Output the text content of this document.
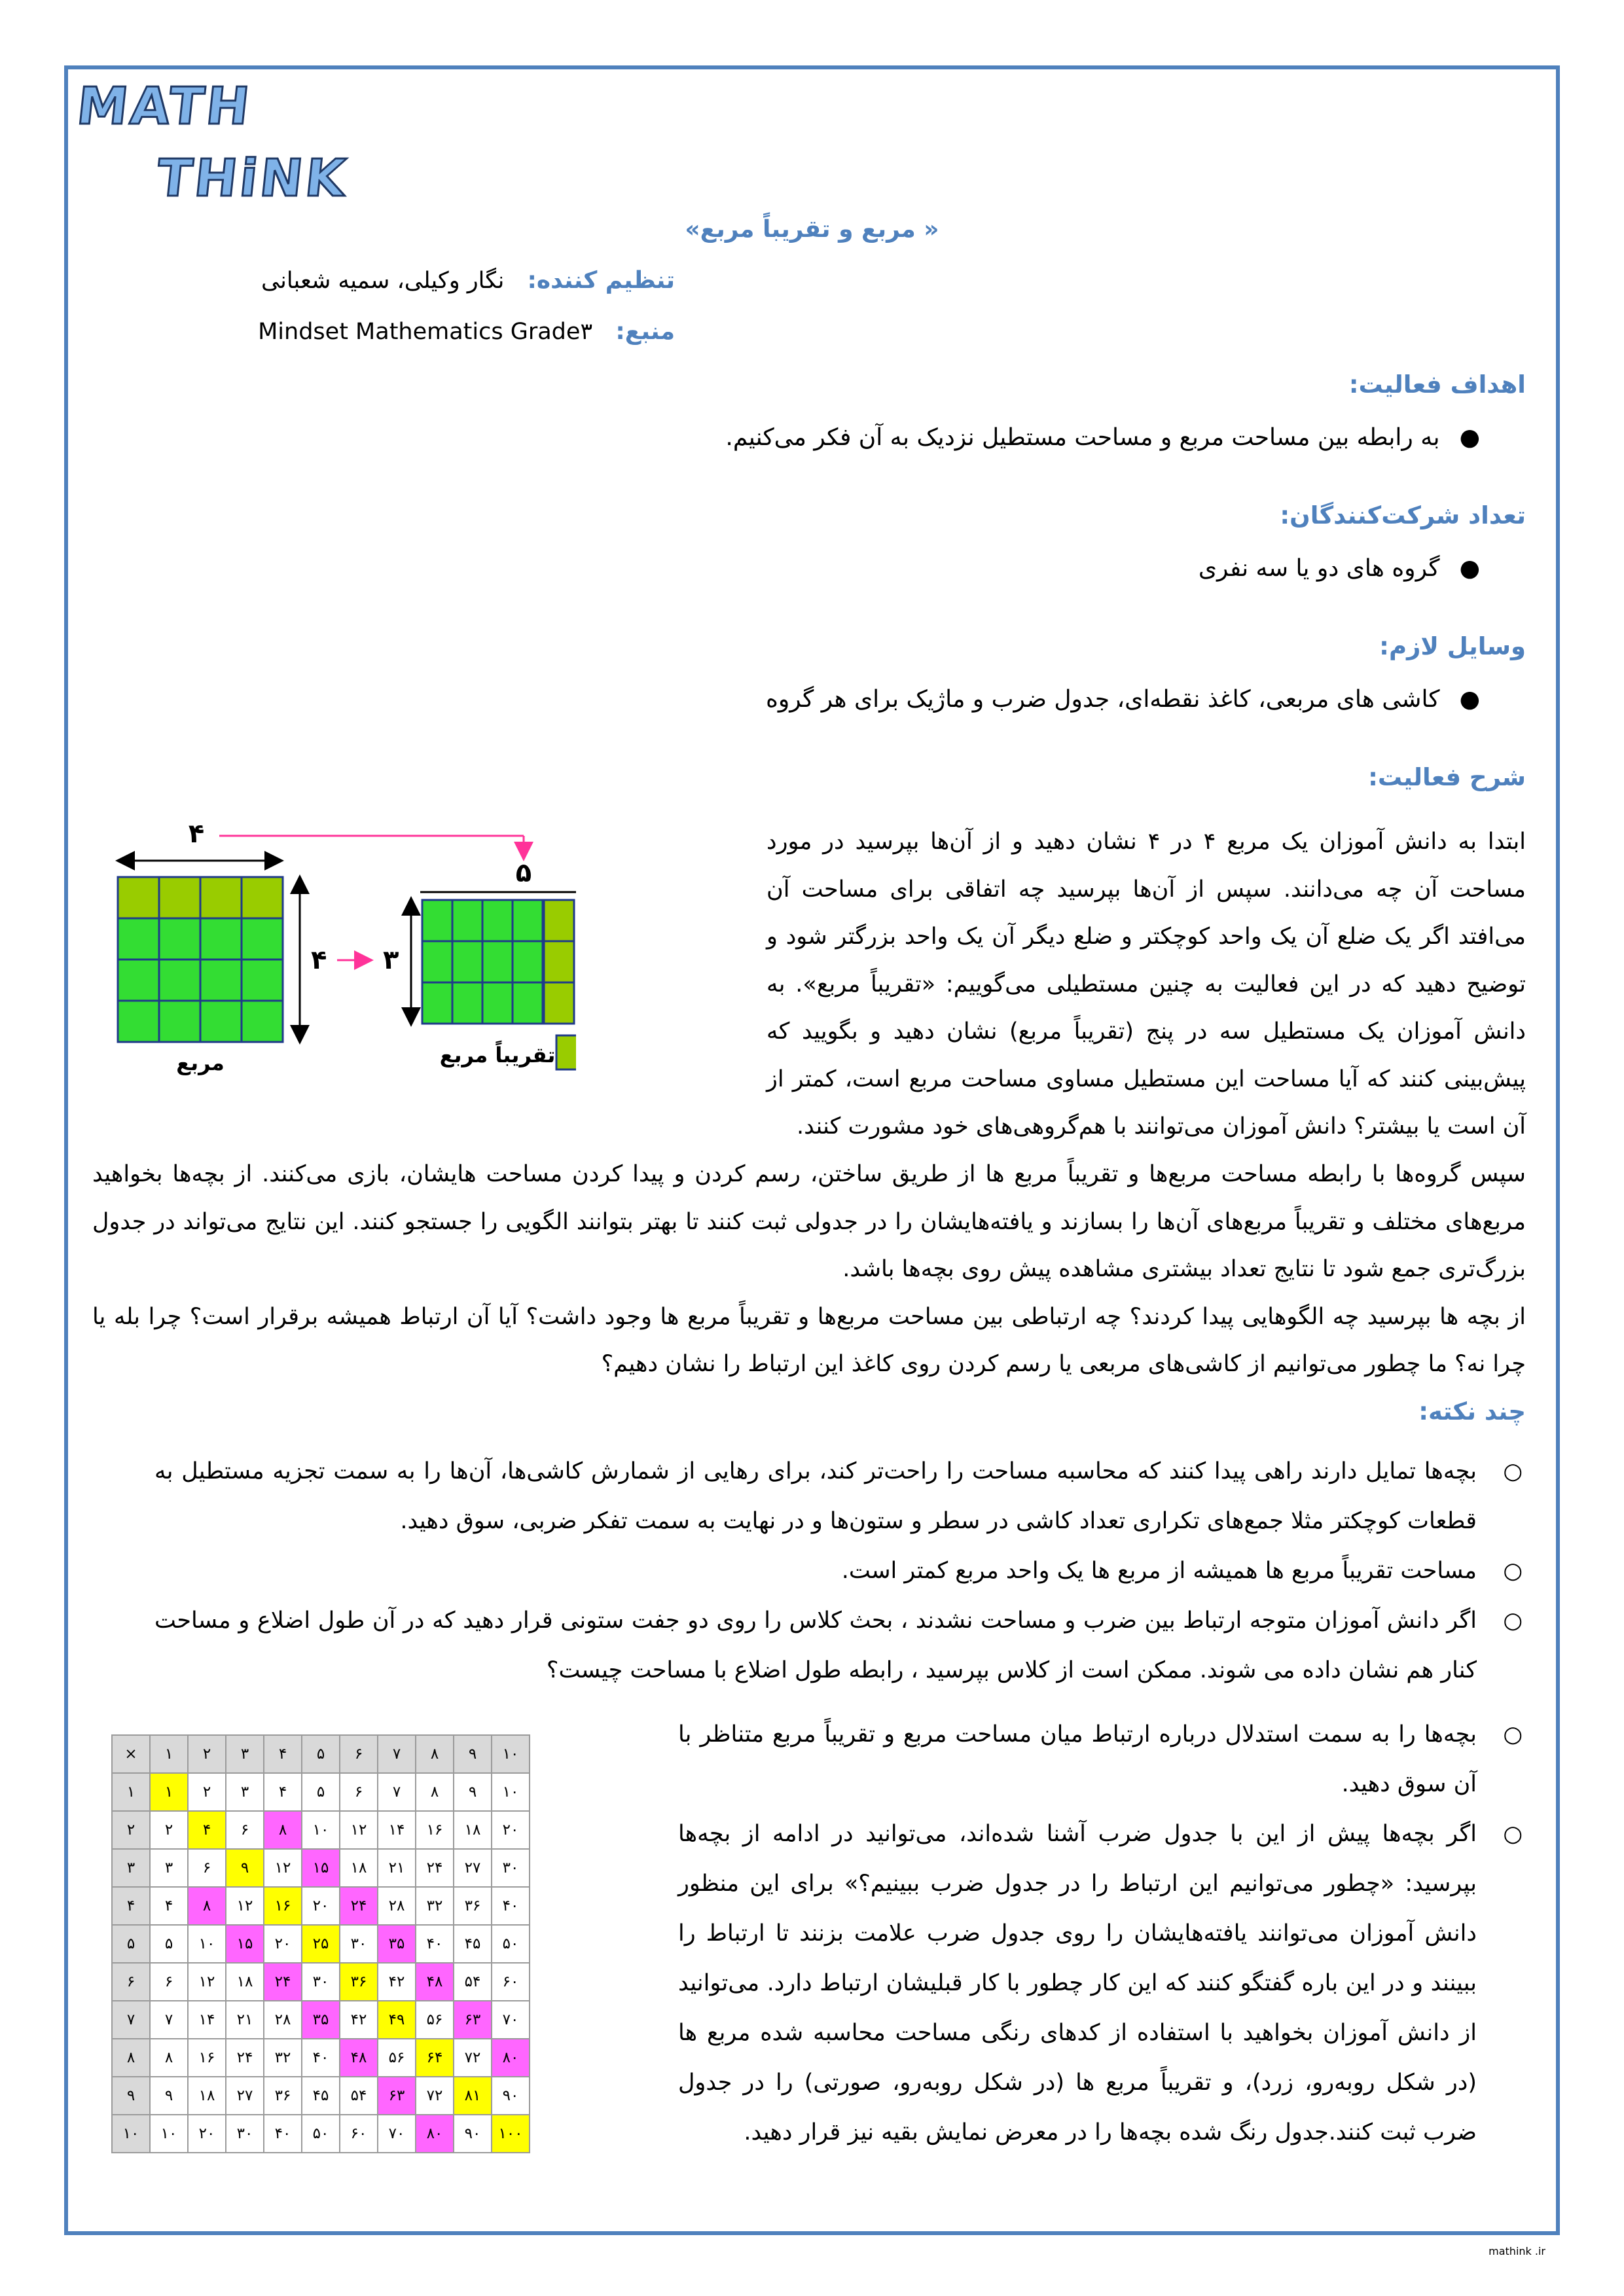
MATH
THiNK
« مربع و تقریباً مربع»
تنظیم کننده: نگار وکیلی، سمیه شعبانی
منبع: Mindset Mathematics Grade۳
اهداف فعالیت:
●به رابطه بین مساحت مربع و مساحت مستطیل نزدیک به آن فکر می‌کنیم.
تعداد شرکت‌کنندگان:
●گروه های دو یا سه نفری
وسایل لازم:
●کاشی های مربعی، کاغذ نقطه‌ای، جدول ضرب و ماژیک برای هر گروه
شرح فعالیت:

ابتدا به دانش آموزان یک مربع ۴ در ۴ نشان دهید و از آن‌ها بپرسید در مورد مساحت آن چه می‌دانند. سپس از آن‌ها بپرسید چه اتفاقی برای مساحت آن می‌افتد اگر یک ضلع آن یک واحد کوچکتر و ضلع دیگر آن یک واحد بزرگتر شود و توضیح دهید که در این فعالیت به چنین مستطیلی می‌گوییم: «تقریباً مربع». به دانش آموزان یک مستطیل سه در پنج (تقریباً مربع) نشان دهید و بگویید که پیش‌بینی کنند که آیا مساحت این مستطیل مساوی مساحت مربع است، کمتر از آن است یا بیشتر؟ دانش آموزان می‌توانند با هم‌گروهی‌های خود مشورت کنند.

سپس گروه‌ها با رابطه مساحت مربع‌ها و تقریباً مربع ها از طریق ساختن، رسم کردن و پیدا کردن مساحت هایشان، بازی می‌کنند. از بچه‌ها بخواهید مربع‌های مختلف و تقریباً مربع‌های آن‌ها را بسازند و یافته‌هایشان را در جدولی ثبت کنند تا بهتر بتوانند الگویی را جستجو کنند. این نتایج می‌تواند در جدول بزرگ‌تری جمع شود تا نتایج تعداد بیشتری مشاهده پیش روی بچه‌ها باشد.

از بچه ها بپرسید چه الگوهایی پیدا کردند؟ چه ارتباطی بین مساحت مربع‌ها و تقریباً مربع ها وجود داشت؟ آیا آن ارتباط همیشه برقرار است؟ چرا بله یا چرا نه؟ ما چطور می‌توانیم از کاشی‌های مربعی یا رسم کردن روی کاغذ این ارتباط را نشان دهیم؟

۴
مربع
۴ ۳
۵
تقریباً مربع
چند نکته:
○ بچه‌ها تمایل دارند راهی پیدا کنند که محاسبه مساحت را راحت‌تر کند، برای رهایی از شمارش کاشی‌ها، آن‌ها را به سمت تجزیه مستطیل به قطعات کوچکتر مثلا جمع‌های تکراری تعداد کاشی در سطر و ستون‌ها و در نهایت به سمت تفکر ضربی، سوق دهید.
○ مساحت تقریباً مربع ها همیشه از مربع ها یک واحد مربع کمتر است.
○ اگر دانش آموزان متوجه ارتباط بین ضرب و مساحت نشدند ، بحث کلاس را روی دو جفت ستونی قرار دهید که در آن طول اضلاع و مساحت کنار هم نشان داده می شوند. ممکن است از کلاس بپرسید ، رابطه طول اضلاع با مساحت چیست؟
○ بچه‌ها را به سمت استدلال درباره ارتباط میان مساحت مربع و تقریباً مربع متناظر با آن سوق دهید.
○ اگر بچه‌ها پیش از این با جدول ضرب آشنا شده‌اند، می‌توانید در ادامه از بچه‌ها بپرسید: «چطور می‌توانیم این ارتباط را در جدول ضرب ببینیم؟» برای این منظور دانش آموزان می‌توانند یافته‌هایشان را روی جدول ضرب علامت بزنند تا ارتباط را ببینند و در این باره گفتگو کنند که این کار چطور با کار قبلیشان ارتباط دارد. می‌توانید از دانش آموزان بخواهید با استفاده از کدهای رنگی مساحت محاسبه شده مربع ها (در شکل روبه‌رو، زرد)، و تقریباً مربع ها (در شکل روبه‌رو، صورتی) را در جدول ضرب ثبت کنند.جدول رنگ شده بچه‌ها را در معرض نمایش بقیه نیز قرار دهید.
×	۱	۲	۳	۴	۵	۶	۷	۸	۹	۱۰
۱	۱	۲	۳	۴	۵	۶	۷	۸	۹	۱۰
۲	۲	۴	۶	۸	۱۰	۱۲	۱۴	۱۶	۱۸	۲۰
۳	۳	۶	۹	۱۲	۱۵	۱۸	۲۱	۲۴	۲۷	۳۰
۴	۴	۸	۱۲	۱۶	۲۰	۲۴	۲۸	۳۲	۳۶	۴۰
۵	۵	۱۰	۱۵	۲۰	۲۵	۳۰	۳۵	۴۰	۴۵	۵۰
۶	۶	۱۲	۱۸	۲۴	۳۰	۳۶	۴۲	۴۸	۵۴	۶۰
۷	۷	۱۴	۲۱	۲۸	۳۵	۴۲	۴۹	۵۶	۶۳	۷۰
۸	۸	۱۶	۲۴	۳۲	۴۰	۴۸	۵۶	۶۴	۷۲	۸۰
۹	۹	۱۸	۲۷	۳۶	۴۵	۵۴	۶۳	۷۲	۸۱	۹۰
۱۰	۱۰	۲۰	۳۰	۴۰	۵۰	۶۰	۷۰	۸۰	۹۰	۱۰۰
mathink .ir
